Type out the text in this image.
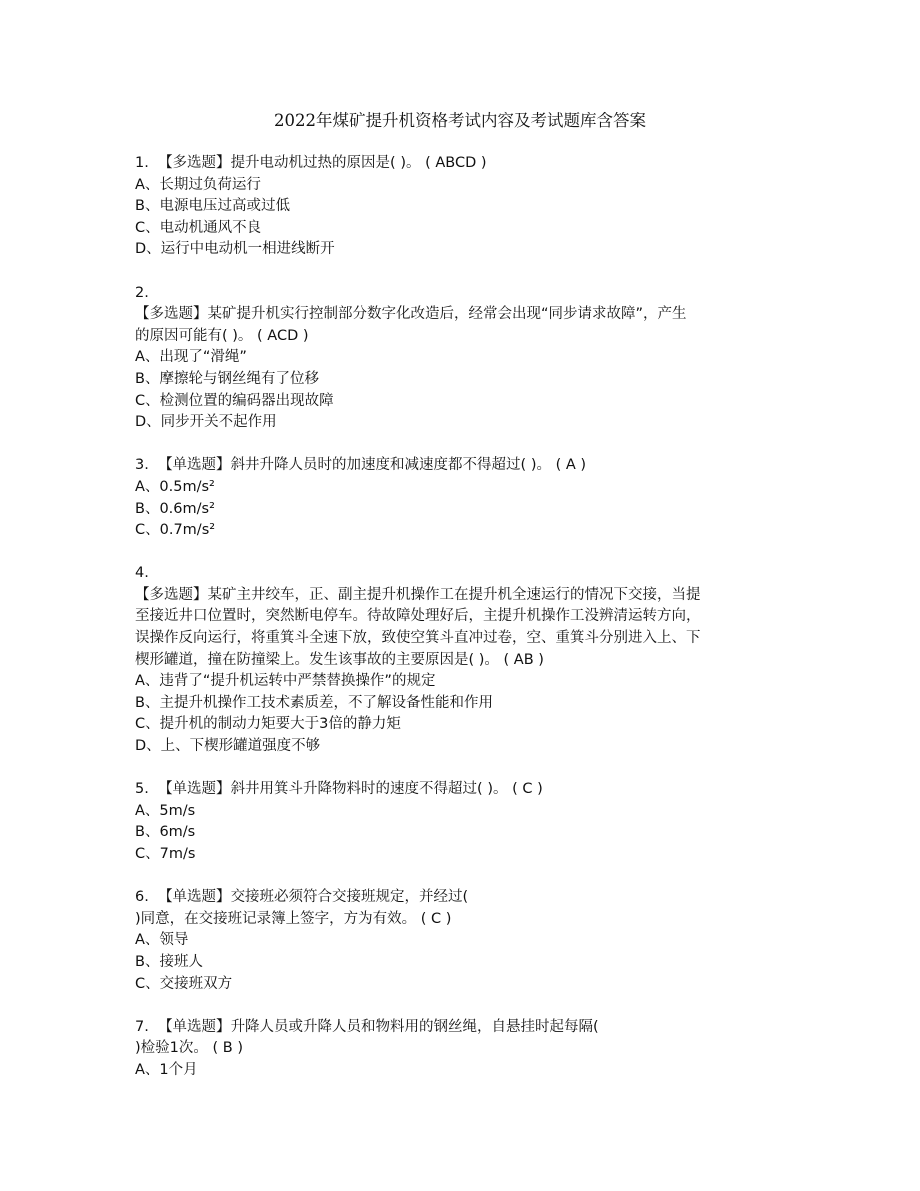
2022年煤矿提升机资格考试内容及考试题库含答案
1. 【多选题】提升电动机过热的原因是( )。 ( ABCD )
A、长期过负荷运行
B、电源电压过高或过低
C、电动机通风不良
D、运行中电动机一相进线断开
2.
【多选题】某矿提升机实行控制部分数字化改造后，经常会出现“同步请求故障”，产生
的原因可能有( )。 ( ACD )
A、出现了“滑绳”
B、摩擦轮与钢丝绳有了位移
C、检测位置的编码器出现故障
D、同步开关不起作用
3. 【单选题】斜井升降人员时的加速度和减速度都不得超过( )。 ( A )
A、0.5m/s²
B、0.6m/s²
C、0.7m/s²
4.
【多选题】某矿主井绞车，正、副主提升机操作工在提升机全速运行的情况下交接，当提
至接近井口位置时，突然断电停车。待故障处理好后，主提升机操作工没辨清运转方向，
误操作反向运行，将重箕斗全速下放，致使空箕斗直冲过卷，空、重箕斗分别进入上、下
楔形罐道，撞在防撞梁上。发生该事故的主要原因是( )。 ( AB )
A、违背了“提升机运转中严禁替换操作”的规定
B、主提升机操作工技术素质差，不了解设备性能和作用
C、提升机的制动力矩要大于3倍的静力矩
D、上、下楔形罐道强度不够
5. 【单选题】斜井用箕斗升降物料时的速度不得超过( )。 ( C )
A、5m/s
B、6m/s
C、7m/s
6. 【单选题】交接班必须符合交接班规定，并经过(
)同意，在交接班记录簿上签字，方为有效。 ( C )
A、领导
B、接班人
C、交接班双方
7. 【单选题】升降人员或升降人员和物料用的钢丝绳，自悬挂时起每隔(
)检验1次。 ( B )
A、1个月
